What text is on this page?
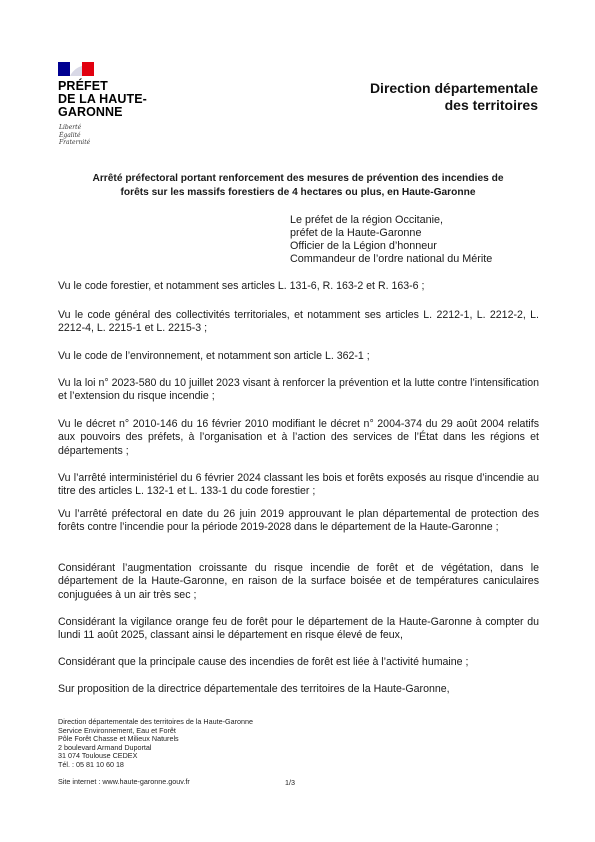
PRÉFET
DE LA HAUTE-
GARONNE
Liberté
Égalité
Fraternité
Direction départementale
des territoires
Arrêté préfectoral portant renforcement des mesures de prévention des incendies de
forêts sur les massifs forestiers de 4 hectares ou plus, en Haute-Garonne
Le préfet de la région Occitanie,
préfet de la Haute-Garonne
Officier de la Légion d’honneur
Commandeur de l’ordre national du Mérite
Vu le code forestier, et notamment ses articles L. 131-6, R. 163-2 et R. 163-6 ;
Vu le code général des collectivités territoriales, et notamment ses articles L. 2212-1, L. 2212-2, L. 2212-4, L. 2215-1 et L. 2215-3 ;
Vu le code de l’environnement, et notamment son article L. 362-1 ;
Vu la loi n° 2023-580 du 10 juillet 2023 visant à renforcer la prévention et la lutte contre l’intensification et l’extension du risque incendie ;
Vu le décret n° 2010-146 du 16 février 2010 modifiant le décret n° 2004-374 du 29 août 2004 relatifs aux pouvoirs des préfets, à l’organisation et à l’action des services de l’État dans les régions et départements ;
Vu l’arrêté interministériel du 6 février 2024 classant les bois et forêts exposés au risque d’incendie au titre des articles L. 132-1 et L. 133-1 du code forestier ;
Vu l’arrêté préfectoral en date du 26 juin 2019 approuvant le plan départemental de protection des forêts contre l’incendie pour la période 2019-2028 dans le département de la Haute-Garonne ;
Considérant l’augmentation croissante du risque incendie de forêt et de végétation, dans le département de la Haute-Garonne, en raison de la surface boisée et de températures caniculaires conjuguées à un air très sec ;
Considérant la vigilance orange feu de forêt pour le département de la Haute-Garonne à compter du lundi 11 août 2025, classant ainsi le département en risque élevé de feux,
Considérant que la principale cause des incendies de forêt est liée à l’activité humaine ;
Sur proposition de la directrice départementale des territoires de la Haute-Garonne,
Direction départementale des territoires de la Haute-Garonne
Service Environnement, Eau et Forêt
Pôle Forêt Chasse et Milieux Naturels
2 boulevard Armand Duportal
31 074 Toulouse CEDEX
Tél. : 05 81 10 60 18
Site internet : www.haute-garonne.gouv.fr	1/3
